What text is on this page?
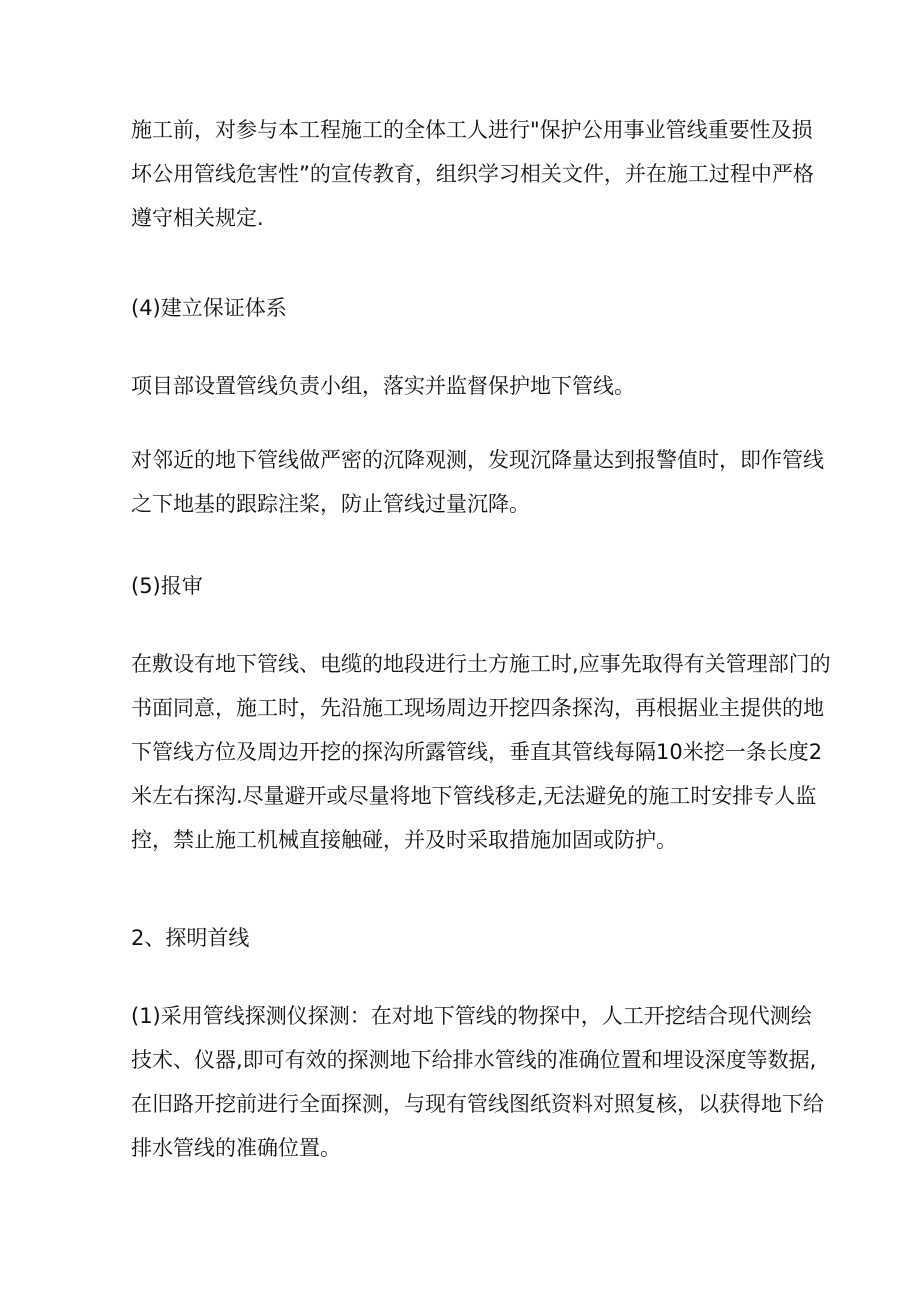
施工前，对参与本工程施工的全体工人进行"保护公用事业管线重要性及损
坏公用管线危害性”的宣传教育，组织学习相关文件，并在施工过程中严格
遵守相关规定.
(4)建立保证体系
项目部设置管线负责小组，落实并监督保护地下管线。
对邻近的地下管线做严密的沉降观测，发现沉降量达到报警值时，即作管线
之下地基的跟踪注桨，防止管线过量沉降。
(5)报审
在敷设有地下管线、电缆的地段进行土方施工时,应事先取得有关管理部门的
书面同意，施工时，先沿施工现场周边开挖四条探沟，再根据业主提供的地
下管线方位及周边开挖的探沟所露管线，垂直其管线每隔10米挖一条长度2
米左右探沟.尽量避开或尽量将地下管线移走,无法避免的施工时安排专人监
控，禁止施工机械直接触碰，并及时采取措施加固或防护。
2、探明首线
(1)采用管线探测仪探测：在对地下管线的物探中，人工开挖结合现代测绘
技术、仪器,即可有效的探测地下给排水管线的准确位置和埋设深度等数据,
在旧路开挖前进行全面探测，与现有管线图纸资料对照复核，以获得地下给
排水管线的准确位置。
